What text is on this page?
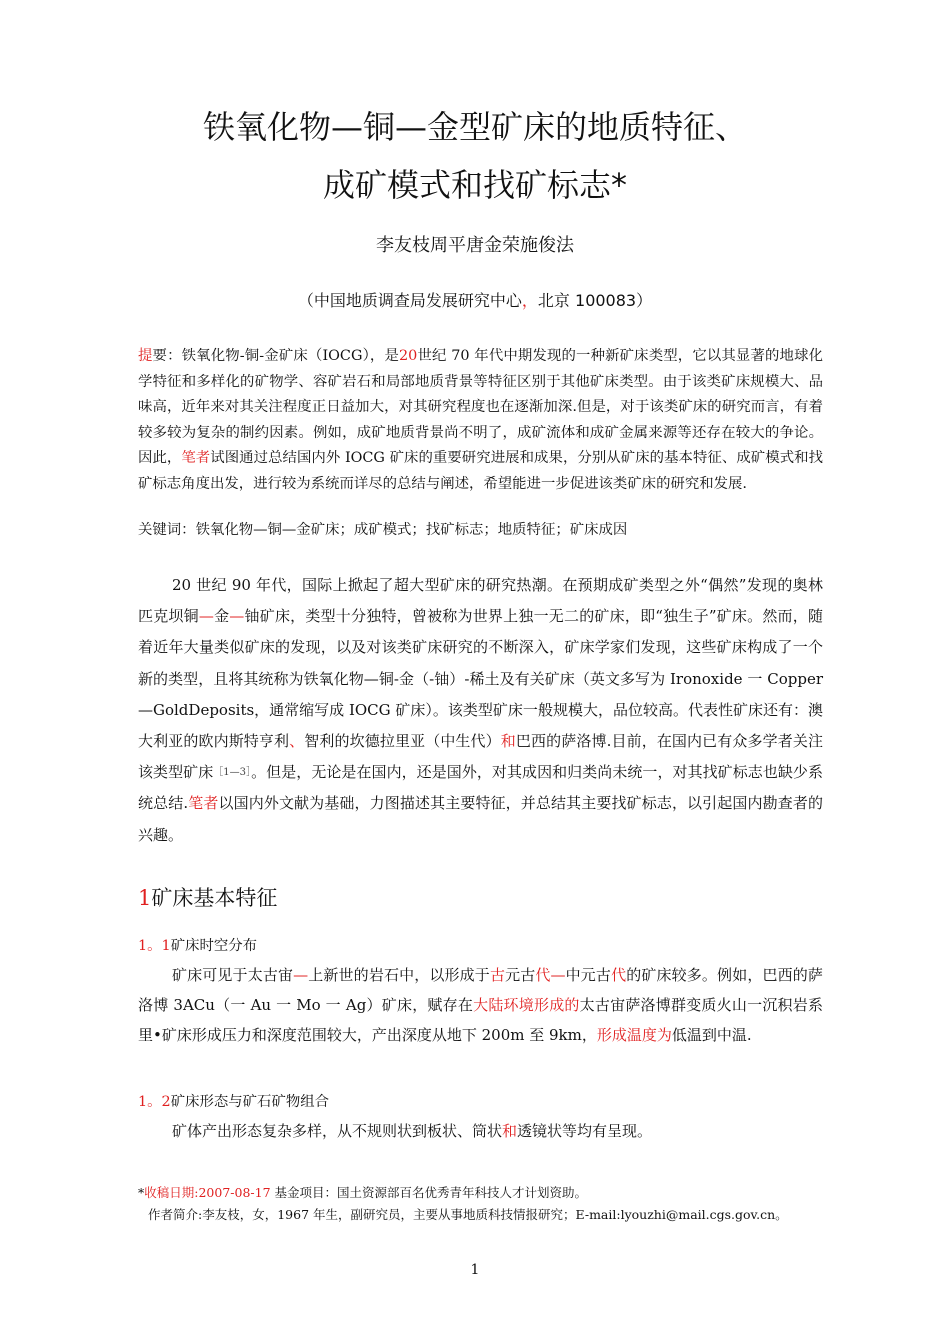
铁氧化物—铜—金型矿床的地质特征、
成矿模式和找矿标志*
李友枝周平唐金荣施俊法
（中国地质调查局发展研究中心，北京 100083）
提要：铁氧化物-铜-金矿床（IOCG），是20世纪 70 年代中期发现的一种新矿床类型，它以其显著的地球化学特征和多样化的矿物学、容矿岩石和局部地质背景等特征区别于其他矿床类型。由于该类矿床规模大、品味高，近年来对其关注程度正日益加大，对其研究程度也在逐渐加深.但是，对于该类矿床的研究而言，有着较多较为复杂的制约因素。例如，成矿地质背景尚不明了，成矿流体和成矿金属来源等还存在较大的争论。因此，笔者试图通过总结国内外 IOCG 矿床的重要研究进展和成果，分别从矿床的基本特征、成矿模式和找矿标志角度出发，进行较为系统而详尽的总结与阐述，希望能进一步促进该类矿床的研究和发展.
关键词：铁氧化物—铜—金矿床；成矿模式；找矿标志；地质特征；矿床成因

20 世纪 90 年代，国际上掀起了超大型矿床的研究热潮。在预期成矿类型之外“偶然”发现的奥林匹克坝铜—金—铀矿床，类型十分独特，曾被称为世界上独一无二的矿床，即“独生子”矿床。然而，随着近年大量类似矿床的发现，以及对该类矿床研究的不断深入，矿床学家们发现，这些矿床构成了一个新的类型，且将其统称为铁氧化物—铜-金（-铀）-稀土及有关矿床（英文多写为 Ironoxide 一 Copper—GoldDeposits，通常缩写成 IOCG 矿床）。该类型矿床一般规模大，品位较高。代表性矿床还有：澳大利亚的欧内斯特亨利、智利的坎德拉里亚（中生代）和巴西的萨洛博.目前，在国内已有众多学者关注该类型矿床$^{[1—3]}$。但是，无论是在国内，还是国外，对其成因和归类尚未统一，对其找矿标志也缺少系统总结.笔者以国内外文献为基础，力图描述其主要特征，并总结其主要找矿标志，以引起国内勘查者的兴趣。

1矿床基本特征
1。1矿床时空分布

矿床可见于太古宙—上新世的岩石中，以形成于古元古代—中元古代的矿床较多。例如，巴西的萨洛博 3ACu（一 Au 一 Mo 一 Ag）矿床，赋存在大陆环境形成的太古宙萨洛博群变质火山一沉积岩系里•矿床形成压力和深度范围较大，产出深度从地下 200m 至 9km，形成温度为低温到中温.

1。2矿床形态与矿石矿物组合

矿体产出形态复杂多样，从不规则状到板状、筒状和透镜状等均有呈现。

*收稿日期:2007-08-17 基金项目：国土资源部百名优秀青年科技人才计划资助。
作者简介:李友枝，女，1967 年生，副研究员，主要从事地质科技情报研究；E-mail:lyouzhi@mail.cgs.gov.cn。
1
